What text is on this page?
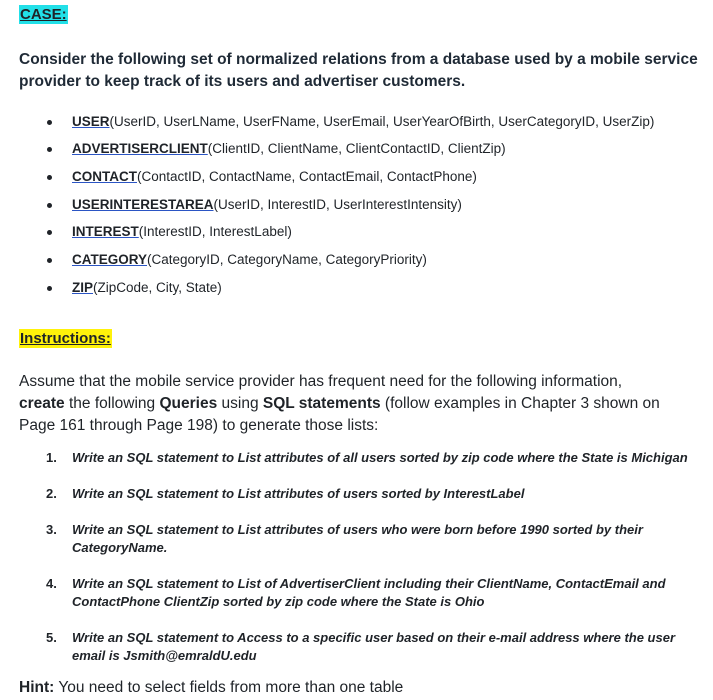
CASE:
Consider the following set of normalized relations from a database used by a mobile service provider to keep track of its users and advertiser customers.
USER(UserID, UserLName, UserFName, UserEmail, UserYearOfBirth, UserCategoryID, UserZip)
ADVERTISERCLIENT(ClientID, ClientName, ClientContactID, ClientZip)
CONTACT(ContactID, ContactName, ContactEmail, ContactPhone)
USERINTERESTAREA(UserID, InterestID, UserInterestIntensity)
INTEREST(InterestID, InterestLabel)
CATEGORY(CategoryID, CategoryName, CategoryPriority)
ZIP(ZipCode, City, State)
Instructions:
Assume that the mobile service provider has frequent need for the following information,
create the following Queries using SQL statements (follow examples in Chapter 3 shown on Page 161 through Page 198) to generate those lists:
1. Write an SQL statement to List attributes of all users sorted by zip code where the State is Michigan
2. Write an SQL statement to List attributes of users sorted by InterestLabel
3. Write an SQL statement to List attributes of users who were born before 1990 sorted by their CategoryName.
4. Write an SQL statement to List of AdvertiserClient including their ClientName, ContactEmail and ContactPhone ClientZip sorted by zip code where the State is Ohio
5. Write an SQL statement to Access to a specific user based on their e-mail address where the user email is Jsmith@emraldU.edu
Hint: You need to select fields from more than one table
